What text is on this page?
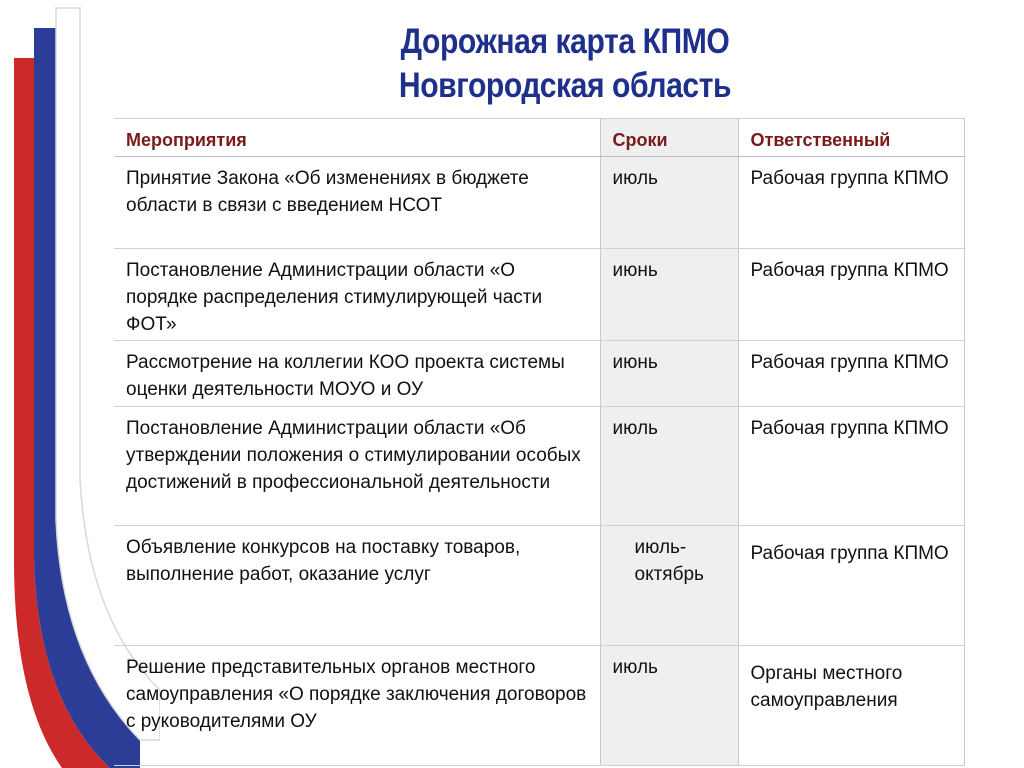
Дорожная карта КПМО
Новгородская область
Мероприятия	Сроки	Ответственный
Принятие Закона «Об изменениях в бюджете области в связи с введением НСОТ	июль	Рабочая группа КПМО
Постановление Администрации области «О порядке распределения стимулирующей части ФОТ»	июнь	Рабочая группа КПМО
Рассмотрение на коллегии КОО проекта системы оценки деятельности МОУО и ОУ	июнь	Рабочая группа КПМО
Постановление Администрации области «Об утверждении положения о стимулировании особых достижений в профессиональной деятельности	июль	Рабочая группа КПМО
Объявление конкурсов на поставку товаров, выполнение работ, оказание услуг	июль-октябрь	Рабочая группа КПМО
Решение представительных органов местного самоуправления «О порядке заключения договоров с руководителями ОУ	июль	Органы местного самоуправления
